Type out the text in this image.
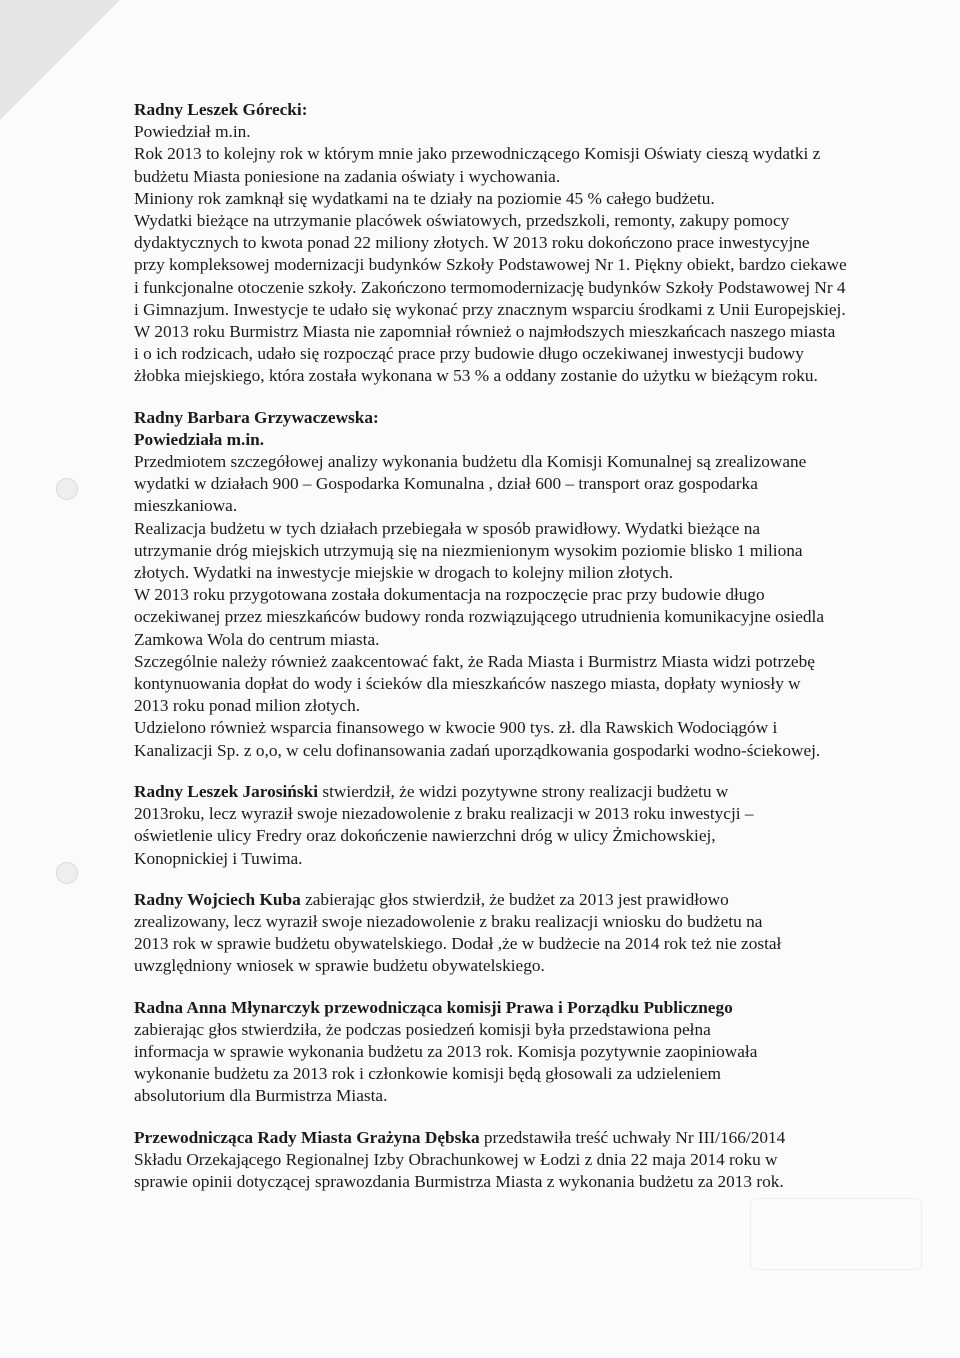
Radny Leszek Górecki:

Powiedział m.in.

Rok 2013 to kolejny rok w którym mnie jako przewodniczącego Komisji Oświaty cieszą wydatki z

budżetu Miasta poniesione na zadania oświaty i wychowania.

Miniony rok zamknął się wydatkami na te działy na poziomie 45 % całego budżetu.

Wydatki bieżące na utrzymanie placówek oświatowych, przedszkoli, remonty, zakupy pomocy

dydaktycznych to kwota ponad 22 miliony złotych. W 2013 roku dokończono prace inwestycyjne

przy kompleksowej modernizacji budynków Szkoły Podstawowej Nr 1. Piękny obiekt, bardzo ciekawe

i funkcjonalne otoczenie szkoły. Zakończono termomodernizację budynków Szkoły Podstawowej Nr 4

i Gimnazjum. Inwestycje te udało się wykonać przy znacznym wsparciu środkami z Unii Europejskiej.

W 2013 roku Burmistrz Miasta nie zapomniał również o najmłodszych mieszkańcach naszego miasta

i o ich rodzicach, udało się rozpocząć prace przy budowie długo oczekiwanej inwestycji budowy

żłobka miejskiego, która została wykonana w 53 % a oddany zostanie do użytku w bieżącym roku.

Radny Barbara Grzywaczewska:

Powiedziała m.in.

Przedmiotem szczegółowej analizy wykonania budżetu dla Komisji Komunalnej są zrealizowane

wydatki w działach 900 – Gospodarka Komunalna , dział 600 – transport oraz gospodarka

mieszkaniowa.

Realizacja budżetu w tych działach przebiegała w sposób prawidłowy. Wydatki bieżące na

utrzymanie dróg miejskich utrzymują się na niezmienionym wysokim poziomie blisko 1 miliona

złotych. Wydatki na inwestycje miejskie w drogach to kolejny milion złotych.

W 2013 roku przygotowana została dokumentacja na rozpoczęcie prac przy budowie długo

oczekiwanej przez mieszkańców budowy ronda rozwiązującego utrudnienia komunikacyjne osiedla

Zamkowa Wola do centrum miasta.

Szczególnie należy również zaakcentować fakt, że Rada Miasta i Burmistrz Miasta widzi potrzebę

kontynuowania dopłat do wody i ścieków dla mieszkańców naszego miasta, dopłaty wyniosły w

2013 roku ponad milion złotych.

Udzielono również wsparcia finansowego w kwocie 900 tys. zł. dla Rawskich Wodociągów i

Kanalizacji Sp. z o,o, w celu dofinansowania zadań uporządkowania gospodarki wodno-ściekowej.

Radny Leszek Jarosiński stwierdził, że widzi pozytywne strony realizacji budżetu w

2013roku, lecz wyraził swoje niezadowolenie z braku realizacji w 2013 roku inwestycji –

oświetlenie ulicy Fredry oraz dokończenie nawierzchni dróg w ulicy Żmichowskiej,

Konopnickiej i Tuwima.

Radny Wojciech Kuba zabierając głos stwierdził, że budżet za 2013 jest prawidłowo

zrealizowany, lecz wyraził swoje niezadowolenie z braku realizacji wniosku do budżetu na

2013 rok w sprawie budżetu obywatelskiego. Dodał ,że w budżecie na 2014 rok też nie został

uwzględniony wniosek w sprawie budżetu obywatelskiego.

Radna Anna Młynarczyk przewodnicząca komisji Prawa i Porządku Publicznego

zabierając głos stwierdziła, że podczas posiedzeń komisji była przedstawiona pełna

informacja w sprawie wykonania budżetu za 2013 rok. Komisja pozytywnie zaopiniowała

wykonanie budżetu za 2013 rok i członkowie komisji będą głosowali za udzieleniem

absolutorium dla Burmistrza Miasta.

Przewodnicząca Rady Miasta Grażyna Dębska przedstawiła treść uchwały Nr III/166/2014

Składu Orzekającego Regionalnej Izby Obrachunkowej w Łodzi z dnia 22 maja 2014 roku w

sprawie opinii dotyczącej sprawozdania Burmistrza Miasta z wykonania budżetu za 2013 rok.
